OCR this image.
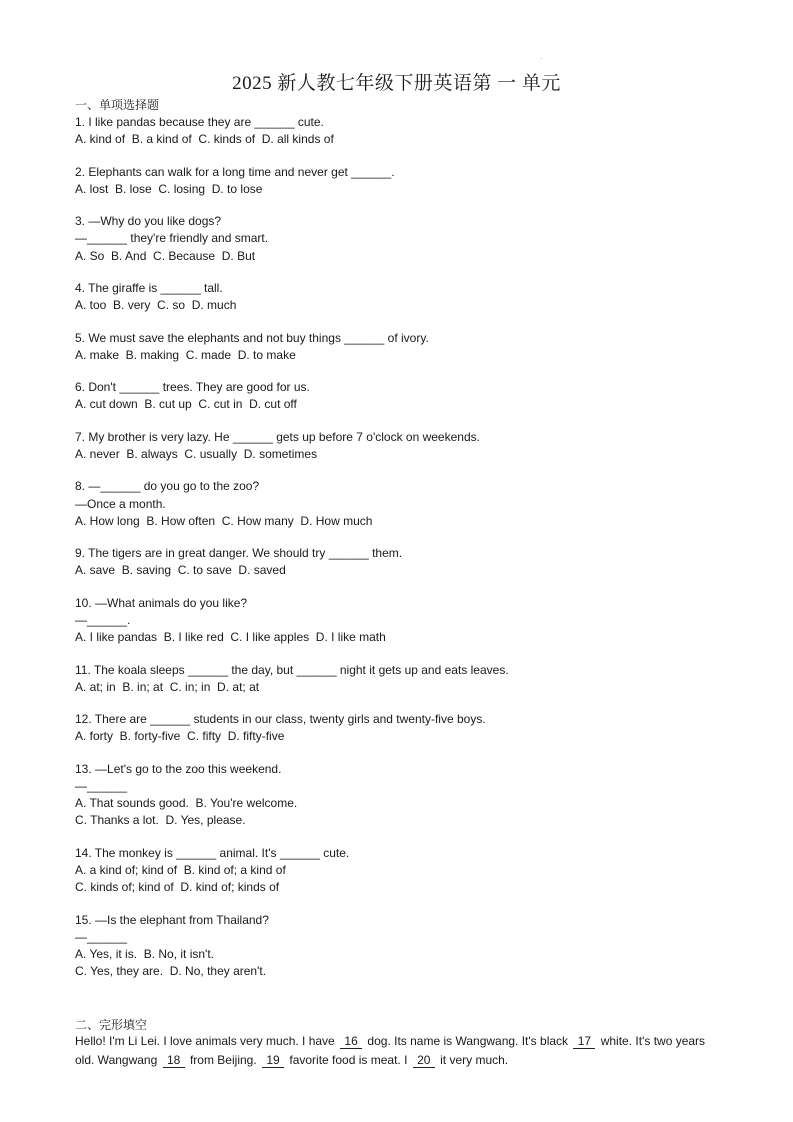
2025 新人教七年级下册英语第 一 单元
一、单项选择题
1. I like pandas because they are ______ cute.
A. kind of  B. a kind of  C. kinds of  D. all kinds of
2. Elephants can walk for a long time and never get ______.
A. lost  B. lose  C. losing  D. to lose
3. —Why do you like dogs?
—______ they're friendly and smart.
A. So  B. And  C. Because  D. But
4. The giraffe is ______ tall.
A. too  B. very  C. so  D. much
5. We must save the elephants and not buy things ______ of ivory.
A. make  B. making  C. made  D. to make
6. Don't ______ trees. They are good for us.
A. cut down  B. cut up  C. cut in  D. cut off
7. My brother is very lazy. He ______ gets up before 7 o'clock on weekends.
A. never  B. always  C. usually  D. sometimes
8. —______ do you go to the zoo?
—Once a month.
A. How long  B. How often  C. How many  D. How much
9. The tigers are in great danger. We should try ______ them.
A. save  B. saving  C. to save  D. saved
10. —What animals do you like?
—______.
A. I like pandas  B. I like red  C. I like apples  D. I like math
11. The koala sleeps ______ the day, but ______ night it gets up and eats leaves.
A. at; in  B. in; at  C. in; in  D. at; at
12. There are ______ students in our class, twenty girls and twenty-five boys.
A. forty  B. forty-five  C. fifty  D. fifty-five
13. —Let's go to the zoo this weekend.
—______
A. That sounds good.  B. You're welcome.
C. Thanks a lot.  D. Yes, please.
14. The monkey is ______ animal. It's ______ cute.
A. a kind of; kind of  B. kind of; a kind of
C. kinds of; kind of  D. kind of; kinds of
15. —Is the elephant from Thailand?
—______
A. Yes, it is.  B. No, it isn't.
C. Yes, they are.  D. No, they aren't.
二、完形填空
Hello! I'm Li Lei. I love animals very much. I have 16 dog. Its name is Wangwang. It's black 17 white. It's two years old. Wangwang 18 from Beijing. 19 favorite food is meat. I 20 it very much.
